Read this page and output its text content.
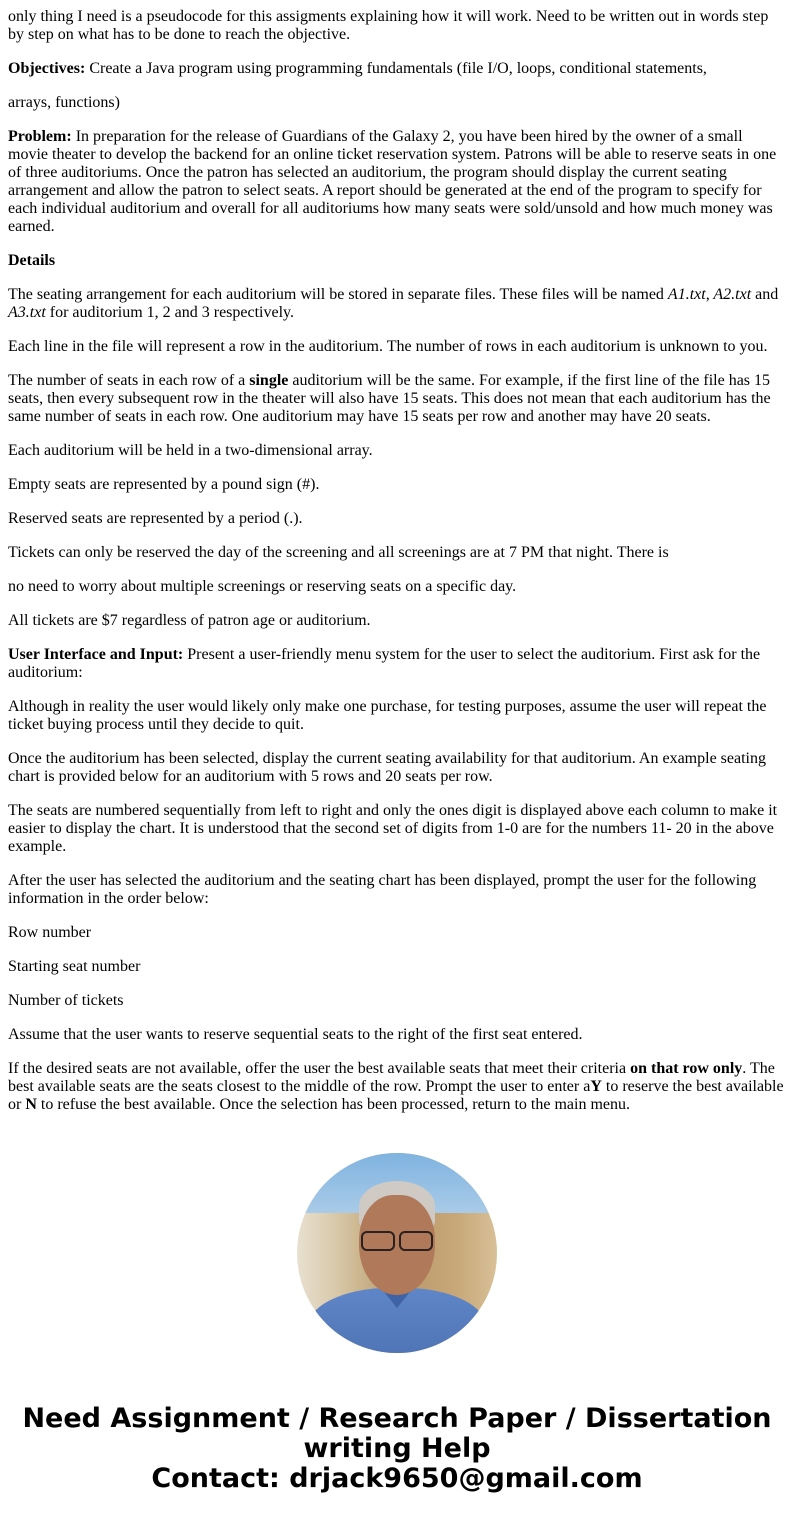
only thing I need is a pseudocode for this assigments explaining how it will work. Need to be written out in words step by step on what has to be done to reach the objective.

Objectives: Create a Java program using programming fundamentals (file I/O, loops, conditional statements,

arrays, functions)

Problem: In preparation for the release of Guardians of the Galaxy 2, you have been hired by the owner of a small movie theater to develop the backend for an online ticket reservation system. Patrons will be able to reserve seats in one of three auditoriums. Once the patron has selected an auditorium, the program should display the current seating arrangement and allow the patron to select seats. A report should be generated at the end of the program to specify for each individual auditorium and overall for all auditoriums how many seats were sold/unsold and how much money was earned.

Details

The seating arrangement for each auditorium will be stored in separate files. These files will be named A1.txt, A2.txt and A3.txt for auditorium 1, 2 and 3 respectively.

Each line in the file will represent a row in the auditorium. The number of rows in each auditorium is unknown to you.

The number of seats in each row of a single auditorium will be the same. For example, if the first line of the file has 15 seats, then every subsequent row in the theater will also have 15 seats. This does not mean that each auditorium has the same number of seats in each row. One auditorium may have 15 seats per row and another may have 20 seats.

Each auditorium will be held in a two-dimensional array.

Empty seats are represented by a pound sign (#).

Reserved seats are represented by a period (.).

Tickets can only be reserved the day of the screening and all screenings are at 7 PM that night. There is

no need to worry about multiple screenings or reserving seats on a specific day.

All tickets are $7 regardless of patron age or auditorium.

User Interface and Input: Present a user-friendly menu system for the user to select the auditorium. First ask for the auditorium:

Although in reality the user would likely only make one purchase, for testing purposes, assume the user will repeat the ticket buying process until they decide to quit.

Once the auditorium has been selected, display the current seating availability for that auditorium. An example seating chart is provided below for an auditorium with 5 rows and 20 seats per row.

The seats are numbered sequentially from left to right and only the ones digit is displayed above each column to make it easier to display the chart. It is understood that the second set of digits from 1-0 are for the numbers 11- 20 in the above example.

After the user has selected the auditorium and the seating chart has been displayed, prompt the user for the following information in the order below:

Row number

Starting seat number

Number of tickets

Assume that the user wants to reserve sequential seats to the right of the first seat entered.

If the desired seats are not available, offer the user the best available seats that meet their criteria on that row only. The best available seats are the seats closest to the middle of the row. Prompt the user to enter aY to reserve the best available or N to refuse the best available. Once the selection has been processed, return to the main menu.

Need Assignment / Research Paper / Dissertation
writing Help
Contact: drjack9650@gmail.com
